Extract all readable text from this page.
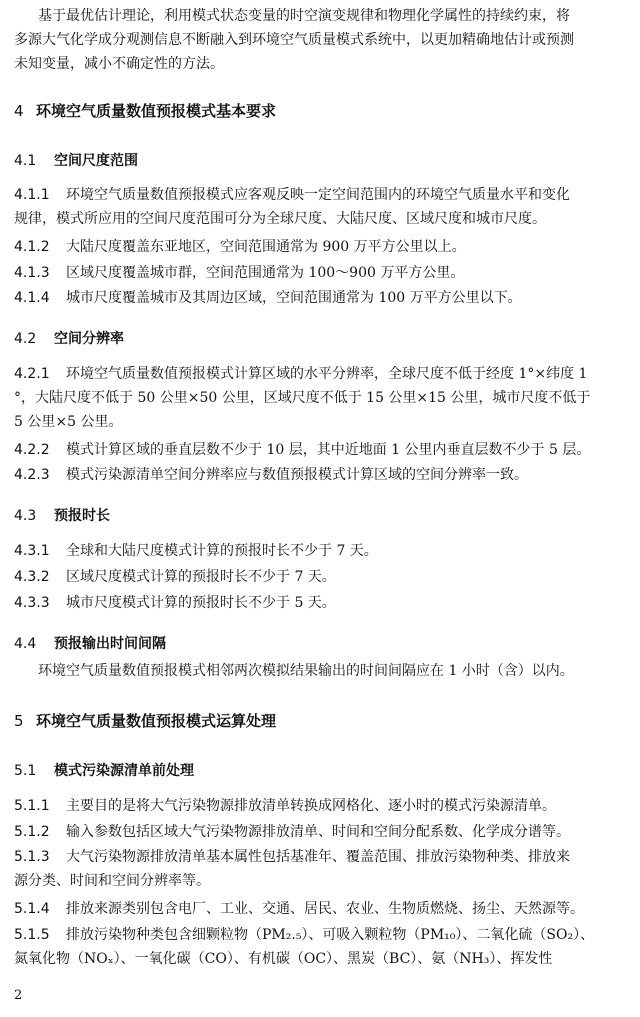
基于最优估计理论，利用模式状态变量的时空演变规律和物理化学属性的持续约束，将
多源大气化学成分观测信息不断融入到环境空气质量模式系统中，以更加精确地估计或预测
未知变量，减小不确定性的方法。
4 环境空气质量数值预报模式基本要求
4.1 空间尺度范围
4.1.1 环境空气质量数值预报模式应客观反映一定空间范围内的环境空气质量水平和变化
规律，模式所应用的空间尺度范围可分为全球尺度、大陆尺度、区域尺度和城市尺度。
4.1.2 大陆尺度覆盖东亚地区，空间范围通常为 900 万平方公里以上。
4.1.3 区域尺度覆盖城市群，空间范围通常为 100～900 万平方公里。
4.1.4 城市尺度覆盖城市及其周边区域，空间范围通常为 100 万平方公里以下。
4.2 空间分辨率
4.2.1 环境空气质量数值预报模式计算区域的水平分辨率，全球尺度不低于经度 1°×纬度 1
°，大陆尺度不低于 50 公里×50 公里，区域尺度不低于 15 公里×15 公里，城市尺度不低于
5 公里×5 公里。
4.2.2 模式计算区域的垂直层数不少于 10 层，其中近地面 1 公里内垂直层数不少于 5 层。
4.2.3 模式污染源清单空间分辨率应与数值预报模式计算区域的空间分辨率一致。
4.3 预报时长
4.3.1 全球和大陆尺度模式计算的预报时长不少于 7 天。
4.3.2 区域尺度模式计算的预报时长不少于 7 天。
4.3.3 城市尺度模式计算的预报时长不少于 5 天。
4.4 预报输出时间间隔
环境空气质量数值预报模式相邻两次模拟结果输出的时间间隔应在 1 小时（含）以内。
5 环境空气质量数值预报模式运算处理
5.1 模式污染源清单前处理
5.1.1 主要目的是将大气污染物源排放清单转换成网格化、逐小时的模式污染源清单。
5.1.2 输入参数包括区域大气污染物源排放清单、时间和空间分配系数、化学成分谱等。
5.1.3 大气污染物源排放清单基本属性包括基准年、覆盖范围、排放污染物种类、排放来
源分类、时间和空间分辨率等。
5.1.4 排放来源类别包含电厂、工业、交通、居民、农业、生物质燃烧、扬尘、天然源等。
5.1.5 排放污染物种类包含细颗粒物（PM₂.₅）、可吸入颗粒物（PM₁₀）、二氧化硫（SO₂）、
氮氧化物（NOₓ）、一氧化碳（CO）、有机碳（OC）、黑炭（BC）、氨（NH₃）、挥发性
2
